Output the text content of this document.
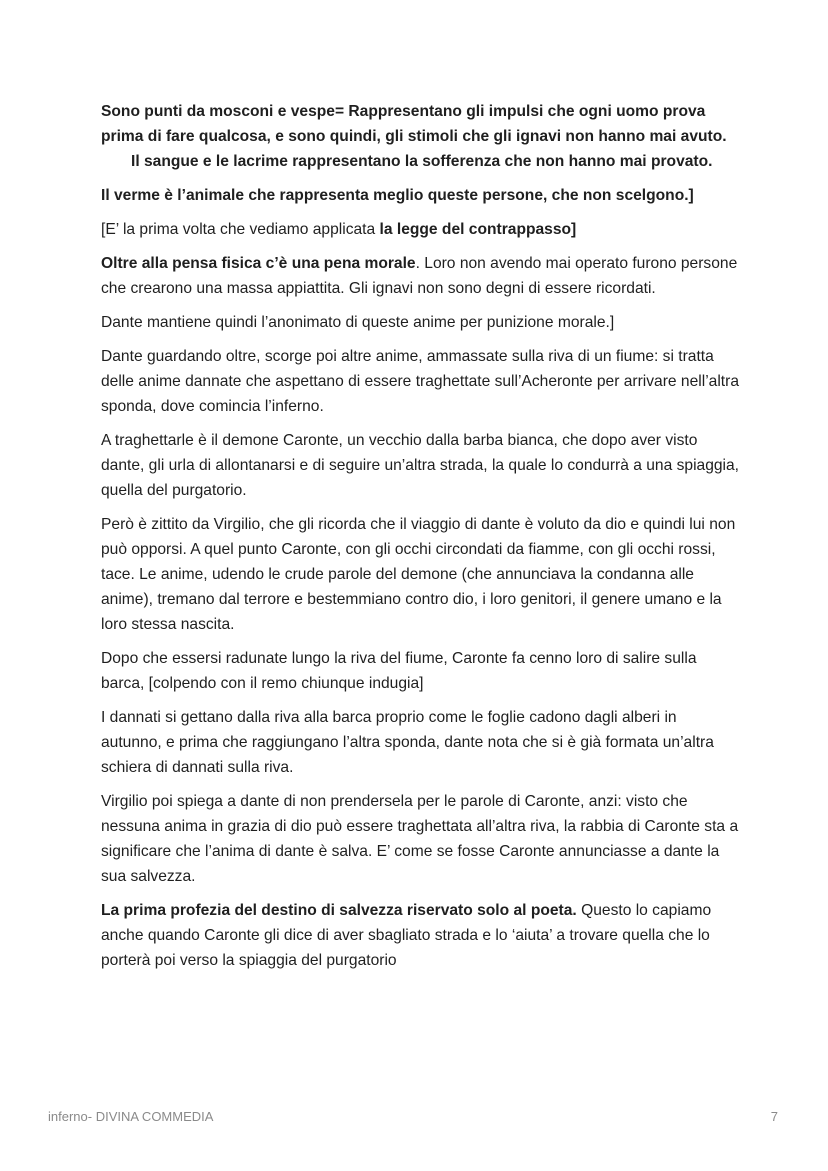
Sono punti da mosconi e vespe= Rappresentano gli impulsi che ogni uomo prova prima di fare qualcosa, e sono quindi, gli stimoli che gli ignavi non hanno mai avuto.Il sangue e le lacrime rappresentano la sofferenza che non hanno mai provato.

Il verme è l’animale che rappresenta meglio queste persone, che non scelgono.]

[E’ la prima volta che vediamo applicata la legge del contrappasso]

Oltre alla pensa fisica c’è una pena morale. Loro non avendo mai operato furono persone che crearono una massa appiattita. Gli ignavi non sono degni di essere ricordati.

Dante mantiene quindi l’anonimato di queste anime per punizione morale.]

Dante guardando oltre, scorge poi altre anime, ammassate sulla riva di un fiume: si tratta delle anime dannate che aspettano di essere traghettate sull’Acheronte per arrivare nell’altra sponda, dove comincia l’inferno.

A traghettarle è il demone Caronte, un vecchio dalla barba bianca, che dopo aver visto dante, gli urla di allontanarsi e di seguire un’altra strada, la quale lo condurrà a una spiaggia, quella del purgatorio.

Però è zittito da Virgilio, che gli ricorda che il viaggio di dante è voluto da dio e quindi lui non può opporsi. A quel punto Caronte, con gli occhi circondati da fiamme, con gli occhi rossi, tace. Le anime, udendo le crude parole del demone (che annunciava la condanna alle anime), tremano dal terrore e bestemmiano contro dio, i loro genitori, il genere umano e la loro stessa nascita.

Dopo che essersi radunate lungo la riva del fiume, Caronte fa cenno loro di salire sulla barca, [colpendo con il remo chiunque indugia]

I dannati si gettano dalla riva alla barca proprio come le foglie cadono dagli alberi in autunno, e prima che raggiungano l’altra sponda, dante nota che si è già formata un’altra schiera di dannati sulla riva.

Virgilio poi spiega a dante di non prendersela per le parole di Caronte, anzi: visto che nessuna anima in grazia di dio può essere traghettata all’altra riva, la rabbia di Caronte sta a significare che l’anima di dante è salva. E’ come se fosse Caronte annunciasse a dante la sua salvezza.

La prima profezia del destino di salvezza riservato solo al poeta. Questo lo capiamo anche quando Caronte gli dice di aver sbagliato strada e lo ‘aiuta’ a trovare quella che lo porterà poi verso la spiaggia del purgatorio

inferno- DIVINA COMMEDIA	7
